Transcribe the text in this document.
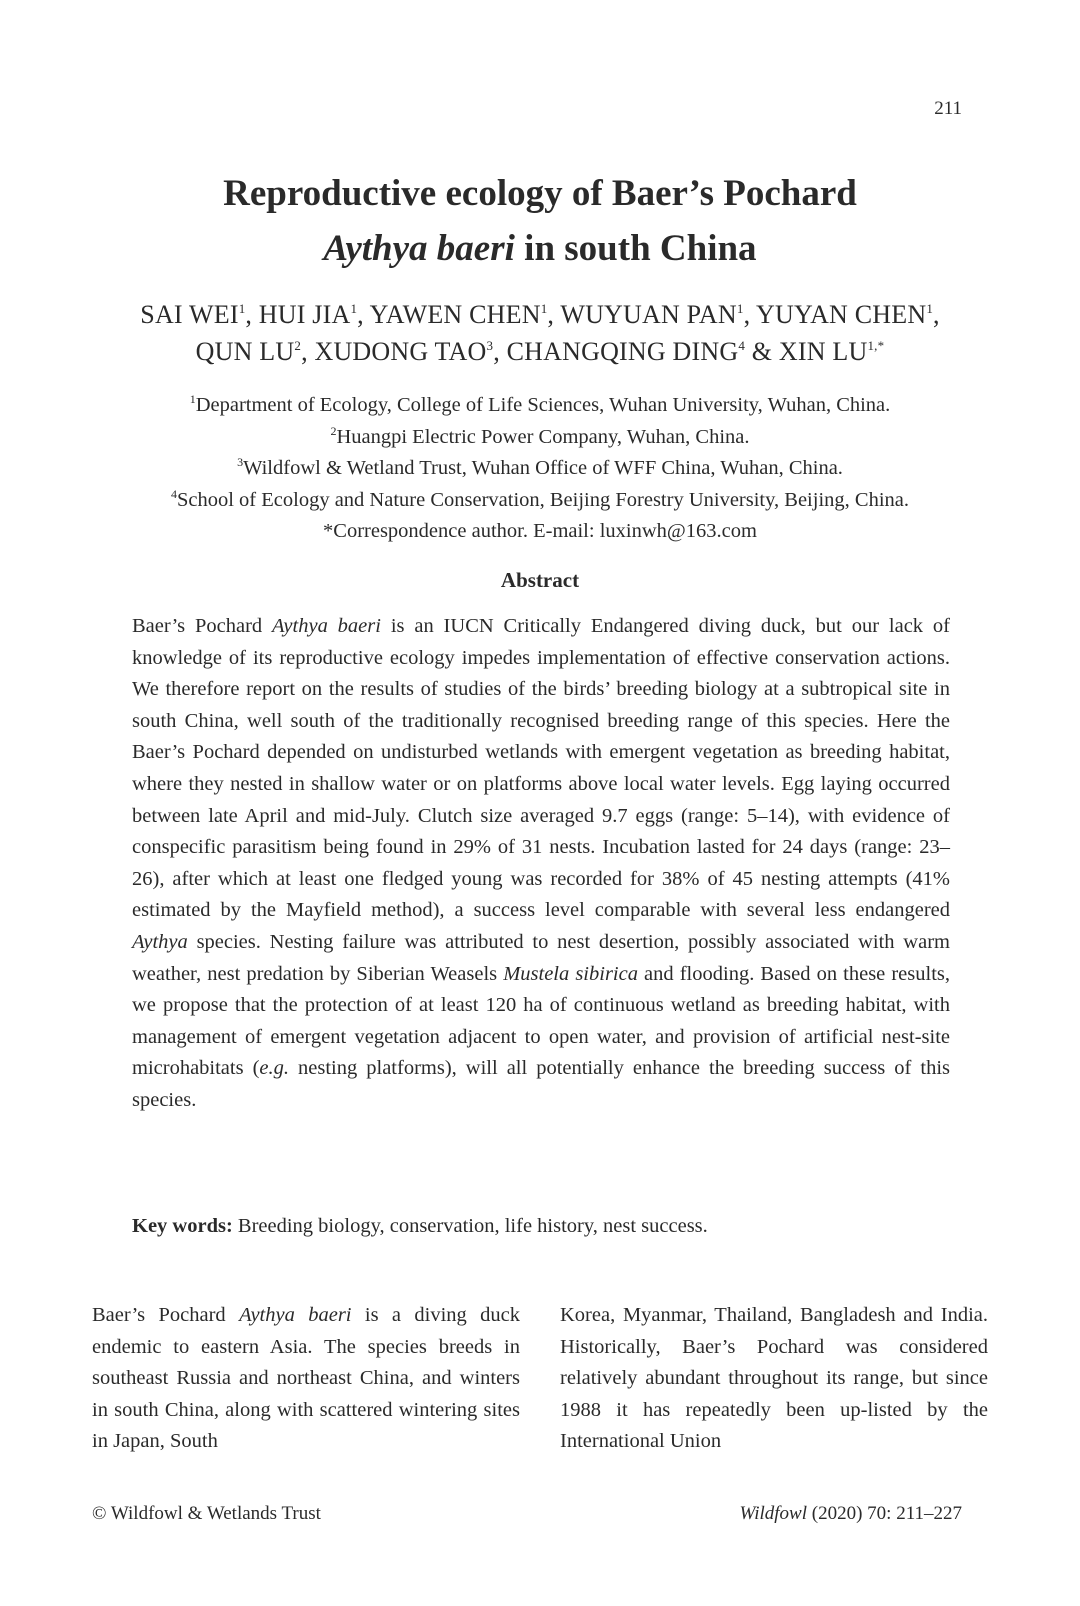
211
Reproductive ecology of Baer’s Pochard
Aythya baeri in south China
SAI WEI$^1$, HUI JIA$^1$, YAWEN CHEN$^1$, WUYUAN PAN$^1$, YUYAN CHEN$^1$,
QUN $LU^2$, XUDONG TAO$^3$, CHANGQING DING$^4$ & XIN $LU^{1,*}$
$^1$Department of Ecology, College of Life Sciences, Wuhan University, Wuhan, China.
$^2$Huangpi Electric Power Company, Wuhan, China.
$^3$Wildfowl & Wetland Trust, Wuhan Office of WFF China, Wuhan, China.
$^4$School of Ecology and Nature Conservation, Beijing Forestry University, Beijing, China.
*Correspondence author. E-mail: luxinwh@163.com
Abstract

Baer’s Pochard Aythya baeri is an IUCN Critically Endangered diving duck, but our lack of knowledge of its reproductive ecology impedes implementation of effective conservation actions. We therefore report on the results of studies of the birds’ breeding biology at a subtropical site in south China, well south of the traditionally recognised breeding range of this species. Here the Baer’s Pochard depended on undisturbed wetlands with emergent vegetation as breeding habitat, where they nested in shallow water or on platforms above local water levels. Egg laying occurred between late April and mid-July. Clutch size averaged 9.7 eggs (range: 5–14), with evidence of conspecific parasitism being found in 29% of 31 nests. Incubation lasted for 24 days (range: 23–26), after which at least one fledged young was recorded for 38% of 45 nesting attempts (41% estimated by the Mayfield method), a success level comparable with several less endangered Aythya species. Nesting failure was attributed to nest desertion, possibly associated with warm weather, nest predation by Siberian Weasels Mustela sibirica and flooding. Based on these results, we propose that the protection of at least 120 ha of continuous wetland as breeding habitat, with management of emergent vegetation adjacent to open water, and provision of artificial nest-site microhabitats (e.g. nesting platforms), will all potentially enhance the breeding success of this species.

Key words: Breeding biology, conservation, life history, nest success.

Baer’s Pochard Aythya baeri is a diving duck endemic to eastern Asia. The species breeds in southeast Russia and northeast China, and winters in south China, along with scattered wintering sites in Japan, South

Korea, Myanmar, Thailand, Bangladesh and India. Historically, Baer’s Pochard was considered relatively abundant throughout its range, but since 1988 it has repeatedly been up-listed by the International Union

© Wildfowl & Wetlands Trust	Wildfowl (2020) 70: 211–227
